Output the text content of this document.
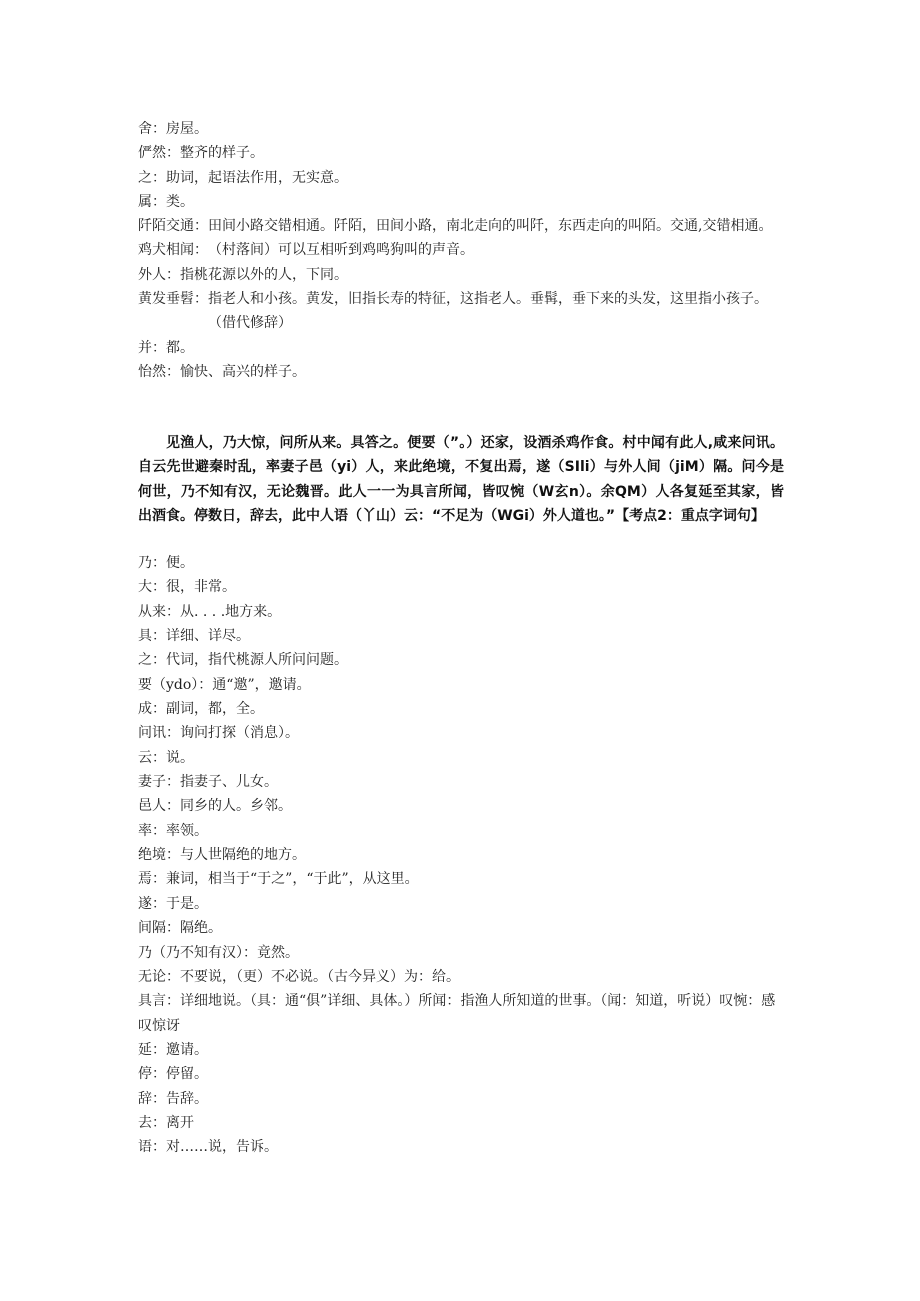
舍： 房屋。
俨然： 整齐的样子。
之： 助词，起语法作用，无实意。
属： 类。
阡陌交通： 田间小路交错相通。阡陌，田间小路，南北走向的叫阡，东西走向的叫陌。交通,交错相通。
鸡犬相闻： （村落间）可以互相听到鸡鸣狗叫的声音。
外人： 指桃花源以外的人，下同。
黄发垂髫： 指老人和小孩。黄发，旧指长寿的特征，这指老人。垂髯，垂下来的头发，这里指小孩子。（借代修辞）
并： 都。
怡然： 愉快、高兴的样子。

见渔人，乃大惊，问所从来。具答之。便要（”。）还家，设酒杀鸡作食。村中闻有此人,咸来问讯。自云先世避秦时乱，率妻子邑（yi）人，来此绝境，不复出焉，遂（SIli）与外人间（jiM）隔。问今是何世，乃不知有汉，无论魏晋。此人一一为具言所闻，皆叹惋（W玄n）。余QM）人各复延至其家，皆出酒食。停数日，辞去，此中人语（丫山）云：“不足为（WGi）外人道也。”【考点2：重点字词句】

乃：便。
大：很，非常。
从来：从. . . .地方来。
具：详细、详尽。
之：代词，指代桃源人所问问题。
要（ydo）：通“邀”，邀请。
成：副词，都，全。
问讯：询问打探（消息）。
云：说。
妻子：指妻子、儿女。
邑人：同乡的人。乡邻。
率：率领。
绝境：与人世隔绝的地方。
焉：兼词，相当于“于之”，“于此”，从这里。
遂：于是。
间隔：隔绝。
乃（乃不知有汉）：竟然。
无论：不要说，（更）不必说。（古今异义）为：给。
具言：详细地说。（具：通“俱”详细、具体。）所闻：指渔人所知道的世事。（闻：知道，听说）叹惋：感叹惊讶
延：邀请。
停：停留。
辞：告辞。
去：离开
语：对……说，告诉。
